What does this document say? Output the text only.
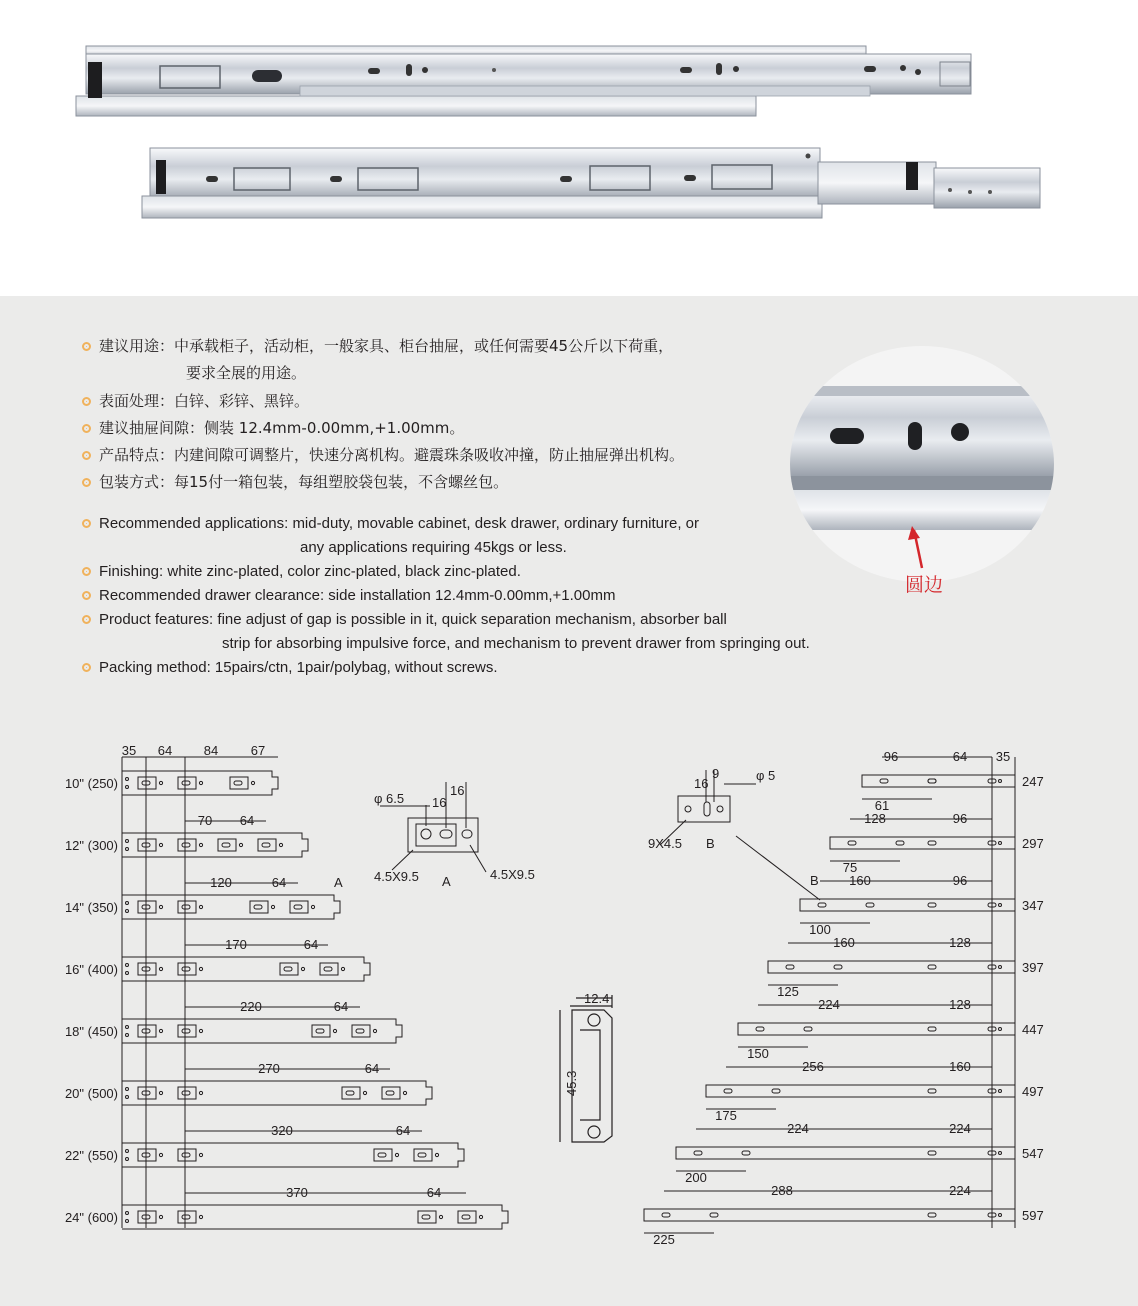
建议用途：中承载柜子，活动柜，一般家具、柜台抽屉，或任何需要45公斤以下荷重，
要求全展的用途。
表面处理：白锌、彩锌、黑锌。
建议抽屉间隙：侧装 12.4mm-0.00mm,+1.00mm。
产品特点：内建间隙可调整片，快速分离机构。避震珠条吸收冲撞，防止抽屉弹出机构。
包装方式：每15付一箱包装，每组塑胶袋包装，不含螺丝包。
Recommended applications: mid-duty, movable cabinet, desk drawer, ordinary furniture, or
any applications requiring 45kgs or less.
Finishing: white zinc-plated, color zinc-plated, black zinc-plated.
Recommended drawer clearance: side installation 12.4mm-0.00mm,+1.00mm
Product features: fine adjust of gap is possible in it, quick separation mechanism, absorber ball
strip for absorbing impulsive force, and mechanism to prevent drawer from springing out.
Packing method: 15pairs/ctn, 1pair/polybag, without screws.
圆边
35 64 84	67
10" (250)
12" (300)
70 64
14" (350)
120	64	A
16" (400)
170	64
18" (450)
220	64
20" (500)
270	64
22" (550)
320	64
24" (600)
370	64
φ 6.5 16
16
4.5X9.5 A	4.5X9.5
12.4
45.3
16
9	φ 5
9X4.5 B
247
96	64 35
61
297
128	96
75
347
160	96
100
B
397
160	128
125
447
224	128
150
497
256	160
175
547
224	224
200
597
288	224
225
